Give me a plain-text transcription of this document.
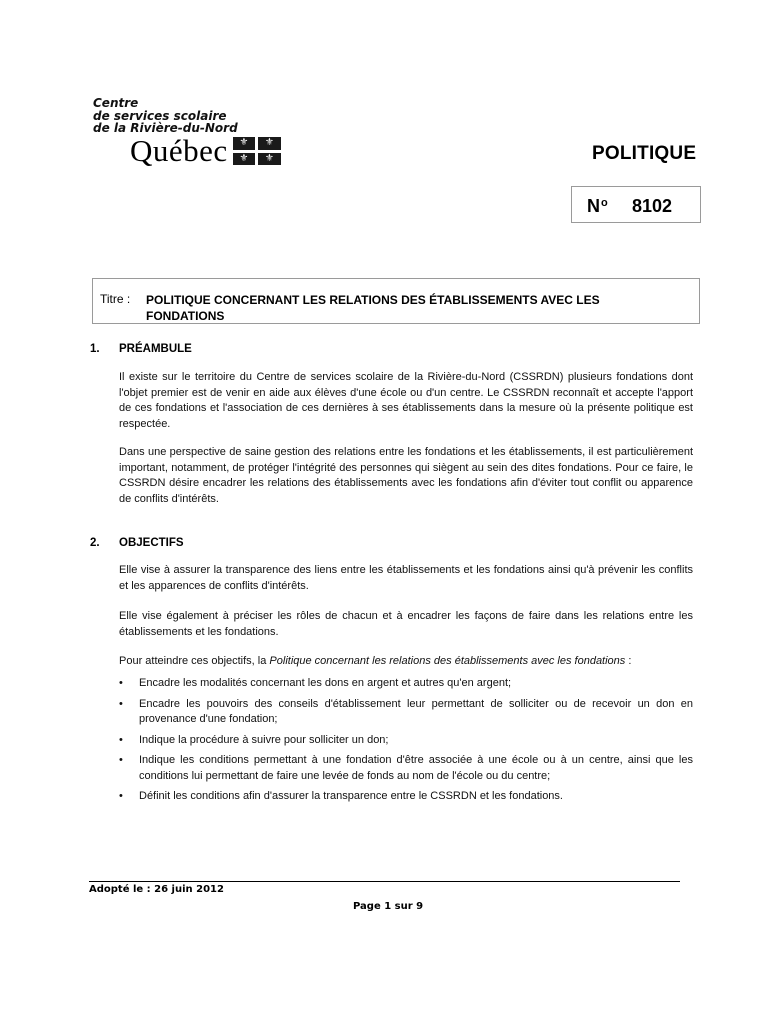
Centre
de services scolaire
de la Rivière-du-Nord
Québec	⚜	⚜
⚜	⚜	POLITIQUE
$N^o$ 8102
Titre : POLITIQUE CONCERNANT LES RELATIONS DES ÉTABLISSEMENTS AVEC LES FONDATIONS
1. PRÉAMBULE

Il existe sur le territoire du Centre de services scolaire de la Rivière-du-Nord (CSSRDN) plusieurs fondations dont l'objet premier est de venir en aide aux élèves d'une école ou d'un centre. Le CSSRDN reconnaît et accepte l'apport de ces fondations et l'association de ces dernières à ses établissements dans la mesure où la présente politique est respectée.

Dans une perspective de saine gestion des relations entre les fondations et les établissements, il est particulièrement important, notamment, de protéger l'intégrité des personnes qui siègent au sein des dites fondations. Pour ce faire, le CSSRDN désire encadrer les relations des établissements avec les fondations afin d'éviter tout conflit ou apparence de conflits d'intérêts.

2. OBJECTIFS

Elle vise à assurer la transparence des liens entre les établissements et les fondations ainsi qu'à prévenir les conflits et les apparences de conflits d'intérêts.

Elle vise également à préciser les rôles de chacun et à encadrer les façons de faire dans les relations entre les établissements et les fondations.

Pour atteindre ces objectifs, la Politique concernant les relations des établissements avec les fondations :

• Encadre les modalités concernant les dons en argent et autres qu'en argent;
• Encadre les pouvoirs des conseils d'établissement leur permettant de solliciter ou de recevoir un don en provenance d'une fondation;
• Indique la procédure à suivre pour solliciter un don;
• Indique les conditions permettant à une fondation d'être associée à une école ou à un centre, ainsi que les conditions lui permettant de faire une levée de fonds au nom de l'école ou du centre;
• Définit les conditions afin d'assurer la transparence entre le CSSRDN et les fondations.
Adopté le : 26 juin 2012
Page 1 sur 9
